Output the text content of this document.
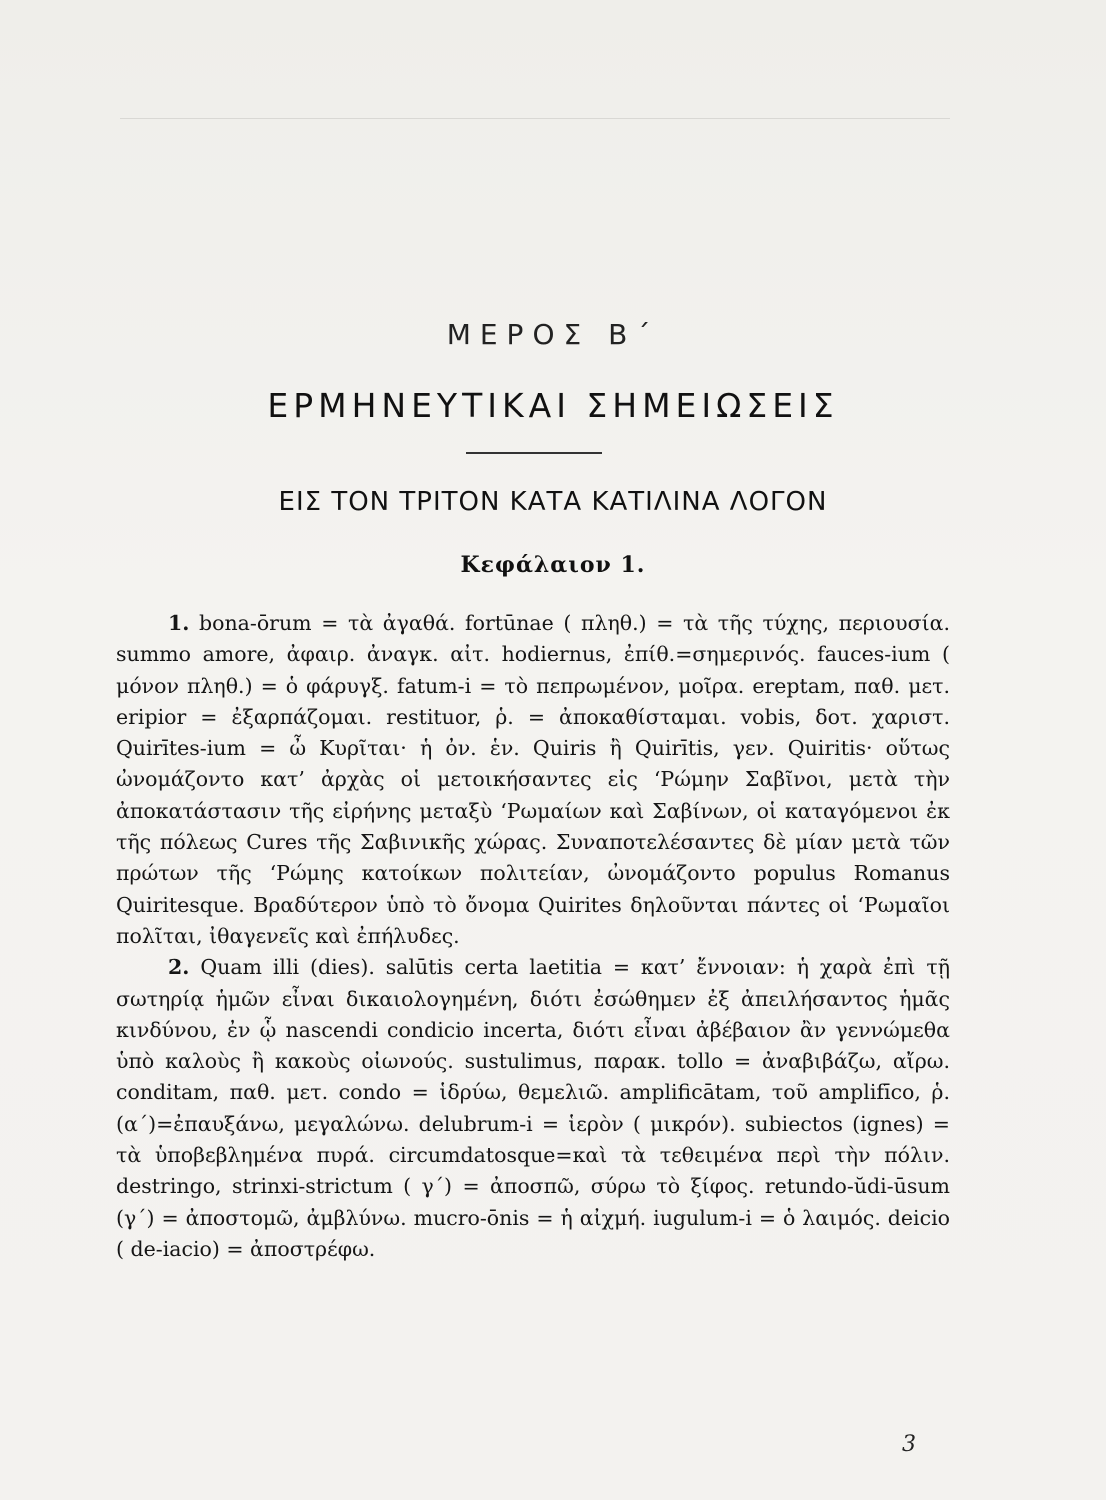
ΜΕΡΟΣ Β΄
ΕΡΜΗΝΕΥΤΙΚΑΙ ΣΗΜΕΙΩΣΕΙΣ
ΕΙΣ ΤΟΝ ΤΡΙΤΟΝ ΚΑΤΑ ΚΑΤΙΛΙΝΑ ΛΟΓΟΝ
Κεφάλαιον 1.

1. bona-ōrum = τὰ ἀγαθά. fortūnae ( πληθ.) = τὰ τῆς τύχης, περιουσία. summo amore, ἀφαιρ. ἀναγκ. αἰτ. hodiernus, ἐπίθ.=σημερινός. fauces-ium ( μόνον πληθ.) = ὁ φάρυγξ. fatum-i = τὸ πεπρωμένον, μοῖρα. ereptam, παθ. μετ. eripior = ἐξαρπάζομαι. restituor, ῥ. = ἀποκαθίσταμαι. vobis, δοτ. χαριστ. Quirītes-ium = ὦ Κυρῖται· ἡ ὀν. ἑν. Quiris ἢ Quirītis, γεν. Quiritis· οὕτως ὠνομάζοντο κατ’ ἀρχὰς οἱ μετοικήσαντες εἰς ‘Ρώμην Σαβῖνοι, μετὰ τὴν ἀποκατάστασιν τῆς εἰρήνης μεταξὺ ‘Ρωμαίων καὶ Σαβίνων, οἱ καταγόμενοι ἐκ τῆς πόλεως Cures τῆς Σαβινικῆς χώρας. Συναποτελέσαντες δὲ μίαν μετὰ τῶν πρώτων τῆς ‘Ρώμης κατοίκων πολιτείαν, ὠνομάζοντο populus Romanus Quiritesque. Βραδύτερον ὑπὸ τὸ ὄνομα Quirites δηλοῦνται πάντες οἱ ‘Ρωμαῖοι πολῖται, ἰθαγενεῖς καὶ ἐπήλυδες.

2. Quam illi (dies). salūtis certa laetitia = κατ’ ἔννοιαν: ἡ χαρὰ ἐπὶ τῇ σωτηρίᾳ ἡμῶν εἶναι δικαιολογημένη, διότι ἐσώθημεν ἐξ ἀπειλήσαντος ἡμᾶς κινδύνου, ἐν ᾧ nascendi condicio incerta, διότι εἶναι ἀβέβαιον ἂν γεννώμεθα ὑπὸ καλοὺς ἢ κακοὺς οἰωνούς. sustulimus, παρακ. tollo = ἀναβιβάζω, αἴρω. conditam, παθ. μετ. condo = ἱδρύω, θεμελιῶ. amplificātam, τοῦ amplifīco, ῥ. (α΄)=ἐπαυξάνω, μεγαλώνω. delubrum-i = ἱερὸν ( μικρόν). subiectos (ignes) = τὰ ὑποβεβλημένα πυρά. circumdatosque=καὶ τὰ τεθειμένα περὶ τὴν πόλιν. destringo, strinxi-strictum ( γ΄) = ἀποσπῶ, σύρω τὸ ξίφος. retundo-ŭdi-ūsum (γ΄) = ἀποστομῶ, ἀμβλύνω. mucro-ōnis = ἡ αἰχμή. iugulum-i = ὁ λαιμός. deicio ( de-iacio) = ἀποστρέφω.

3
